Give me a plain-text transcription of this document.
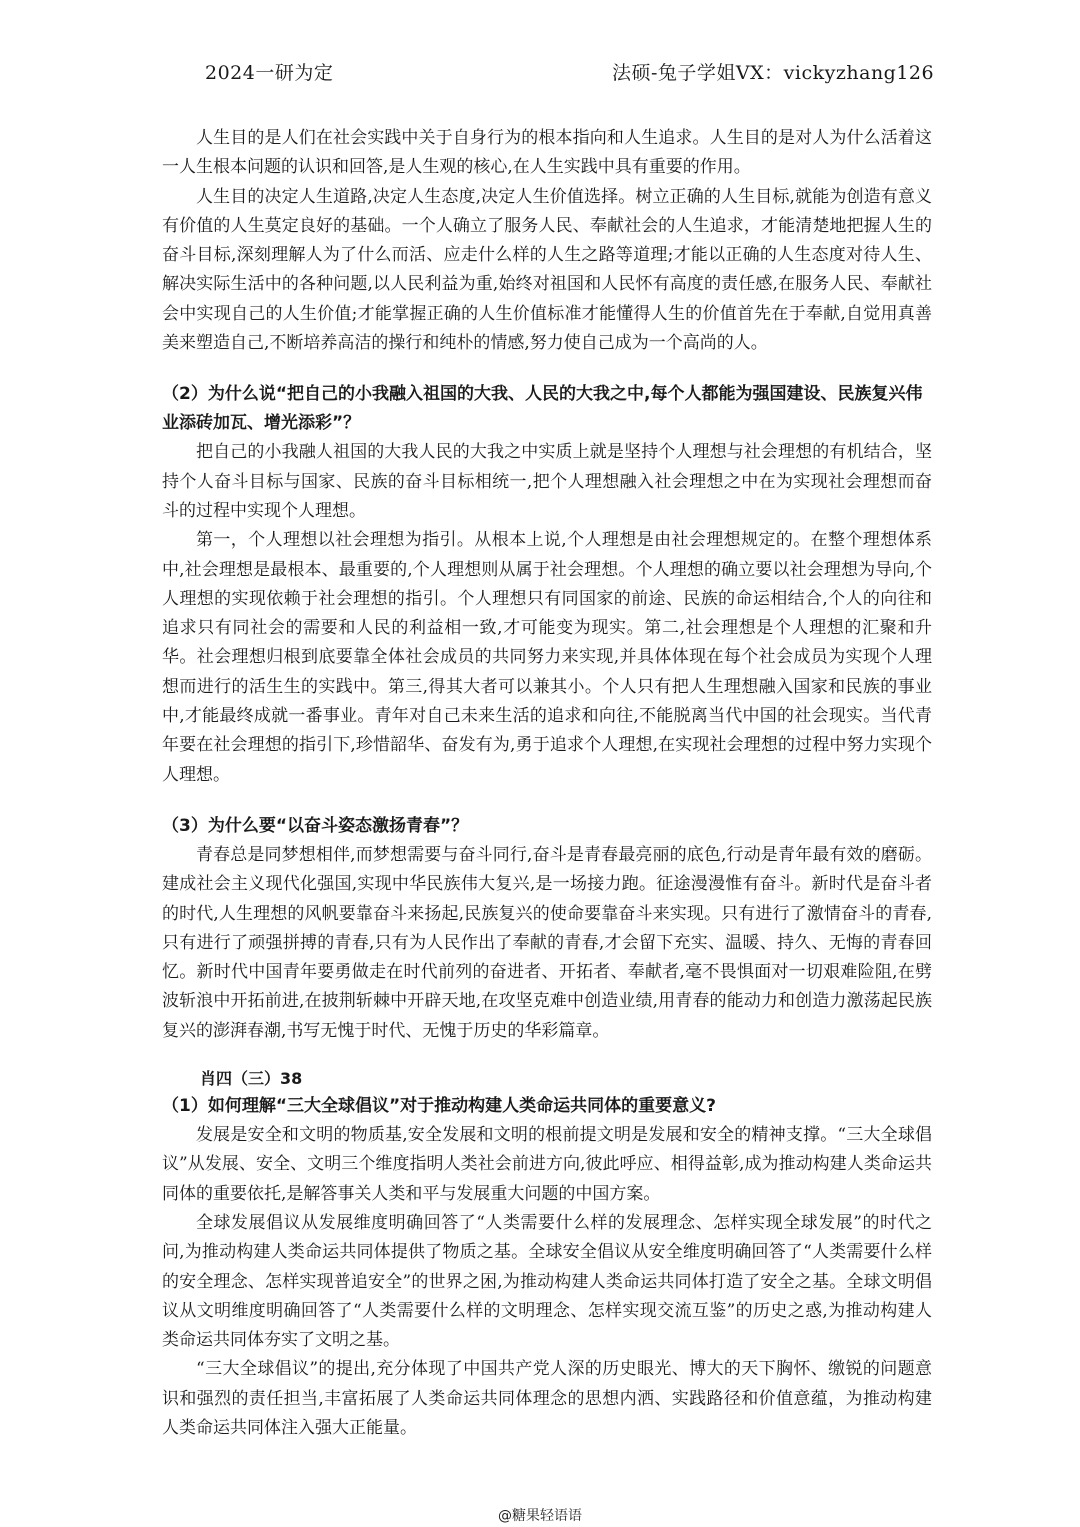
2024一研为定	法硕-兔子学姐VX：vickyzhang126

人生目的是人们在社会实践中关于自身行为的根本指向和人生追求。人生目的是对人为什么活着这一人生根本问题的认识和回答,是人生观的核心,在人生实践中具有重要的作用。

人生目的决定人生道路,决定人生态度,决定人生价值选择。树立正确的人生目标,就能为创造有意义有价值的人生莫定良好的基础。一个人确立了服务人民、奉献社会的人生追求，才能清楚地把握人生的奋斗目标,深刻理解人为了什么而活、应走什么样的人生之路等道理;才能以正确的人生态度对待人生、解决实际生活中的各种问题,以人民利益为重,始终对祖国和人民怀有高度的责任感,在服务人民、奉献社会中实现自己的人生价值;才能掌握正确的人生价值标准才能懂得人生的价值首先在于奉献,自觉用真善美来塑造自己,不断培养高洁的操行和纯朴的情感,努力使自己成为一个高尚的人。

（2）为什么说“把自己的小我融入祖国的大我、人民的大我之中,每个人都能为强国建设、民族复兴伟业添砖加瓦、增光添彩”？

把自己的小我融人祖国的大我人民的大我之中实质上就是坚持个人理想与社会理想的有机结合，坚持个人奋斗目标与国家、民族的奋斗目标相统一,把个人理想融入社会理想之中在为实现社会理想而奋斗的过程中实现个人理想。

第一，个人理想以社会理想为指引。从根本上说,个人理想是由社会理想规定的。在整个理想体系中,社会理想是最根本、最重要的,个人理想则从属于社会理想。个人理想的确立要以社会理想为导向,个人理想的实现依赖于社会理想的指引。个人理想只有同国家的前途、民族的命运相结合,个人的向往和追求只有同社会的需要和人民的利益相一致,才可能变为现实。第二,社会理想是个人理想的汇聚和升华。社会理想归根到底要靠全体社会成员的共同努力来实现,并具体体现在每个社会成员为实现个人理想而进行的活生生的实践中。第三,得其大者可以兼其小。个人只有把人生理想融入国家和民族的事业中,才能最终成就一番事业。青年对自己未来生活的追求和向往,不能脱离当代中国的社会现实。当代青年要在社会理想的指引下,珍惜韶华、奋发有为,勇于追求个人理想,在实现社会理想的过程中努力实现个人理想。

（3）为什么要“以奋斗姿态激扬青春”？

青春总是同梦想相伴,而梦想需要与奋斗同行,奋斗是青春最亮丽的底色,行动是青年最有效的磨砺。建成社会主义现代化强国,实现中华民族伟大复兴,是一场接力跑。征途漫漫惟有奋斗。新时代是奋斗者的时代,人生理想的风帆要靠奋斗来扬起,民族复兴的使命要靠奋斗来实现。只有进行了激情奋斗的青春,只有进行了顽强拼搏的青春,只有为人民作出了奉献的青春,才会留下充实、温暖、持久、无悔的青春回忆。新时代中国青年要勇做走在时代前列的奋进者、开拓者、奉献者,毫不畏惧面对一切艰难险阻,在劈波斩浪中开拓前进,在披荆斩棘中开辟天地,在攻坚克难中创造业绩,用青春的能动力和创造力激荡起民族复兴的澎湃春潮,书写无愧于时代、无愧于历史的华彩篇章。

肖四（三）38

（1）如何理解“三大全球倡议”对于推动构建人类命运共同体的重要意义?

发展是安全和文明的物质基,安全发展和文明的根前提文明是发展和安全的精神支撑。“三大全球倡议”从发展、安全、文明三个维度指明人类社会前进方向,彼此呼应、相得益彰,成为推动构建人类命运共同体的重要依托,是解答事关人类和平与发展重大问题的中国方案。

全球发展倡议从发展维度明确回答了“人类需要什么样的发展理念、怎样实现全球发展”的时代之问,为推动构建人类命运共同体提供了物质之基。全球安全倡议从安全维度明确回答了“人类需要什么样的安全理念、怎样实现普追安全”的世界之困,为推动构建人类命运共同体打造了安全之基。全球文明倡议从文明维度明确回答了“人类需要什么样的文明理念、怎样实现交流互鉴”的历史之惑,为推动构建人类命运共同体夯实了文明之基。

“三大全球倡议”的提出,充分体现了中国共产党人深的历史眼光、博大的天下胸怀、缴锐的问题意识和强烈的责任担当,丰富拓展了人类命运共同体理念的思想内洒、实践路径和价值意蕴，为推动构建人类命运共同体注入强大正能量。

@糖果轻语语
